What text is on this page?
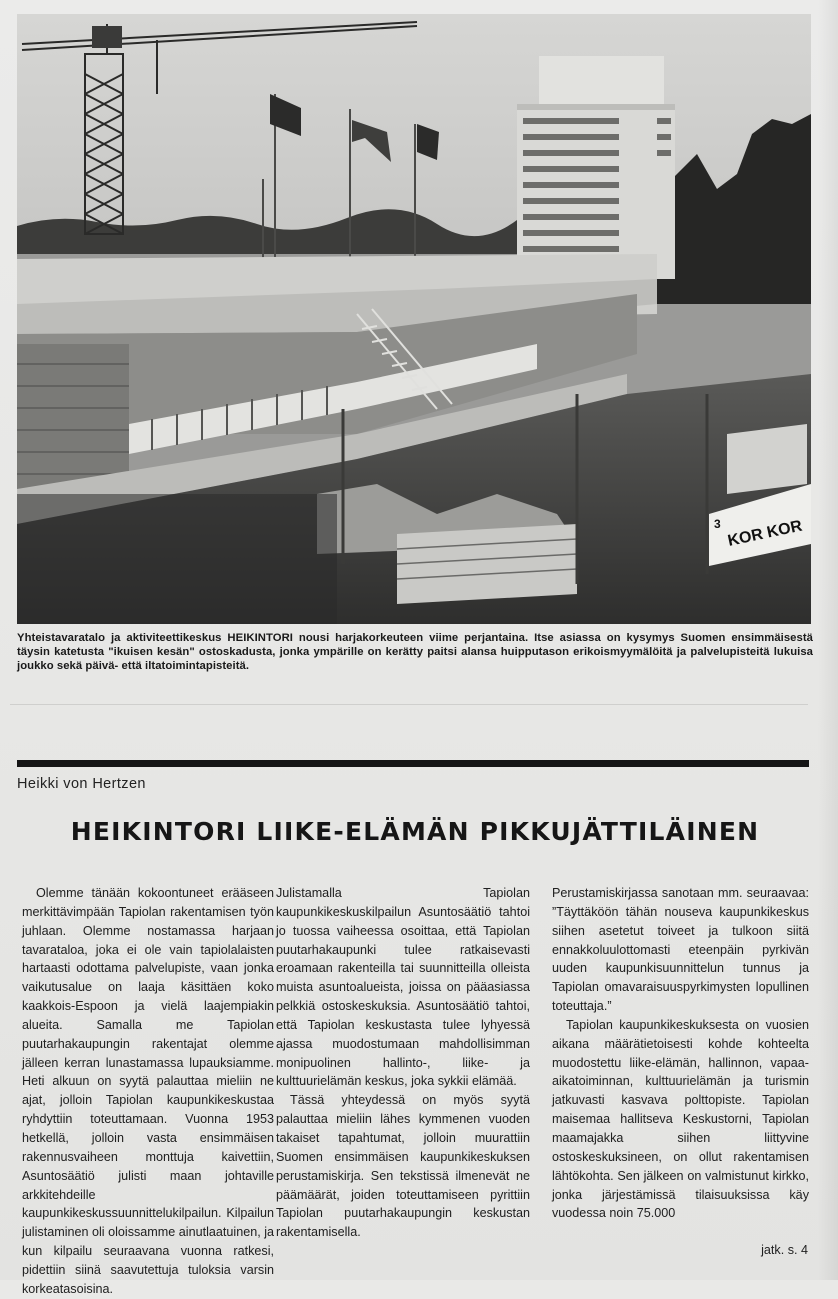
3 KOR KOR
Yhteistavaratalo ja aktiviteettikeskus HEIKINTORI nousi harjakorkeuteen viime perjantaina. Itse asiassa on kysymys Suomen ensimmäisestä täysin katetusta "ikuisen kesän" ostoskadusta, jonka ympärille on kerätty paitsi alansa huipputason erikoismyymälöitä ja palvelupisteitä lukuisa joukko sekä päivä- että iltatoimintapisteitä.
Heikki von Hertzen
HEIKINTORI LIIKE-ELÄMÄN PIKKUJÄTTILÄINEN

Olemme tänään kokoontuneet erääseen merkittävimpään Tapiolan rakentamisen työn juhlaan. Olemme nostamassa harjaan tavarataloa, joka ei ole vain tapiolalaisten hartaasti odottama palvelupiste, vaan jonka vaikutusalue on laaja käsittäen koko kaakkois-Espoon ja vielä laajempiakin alueita. Samalla me Tapiolan puutarhakaupungin rakentajat olemme jälleen kerran lunastamassa lupauksiamme. Heti alkuun on syytä palauttaa mieliin ne ajat, jolloin Tapiolan kaupunkikeskustaa ryhdyttiin toteuttamaan. Vuonna 1953 hetkellä, jolloin vasta ensimmäisen rakennusvaiheen monttuja kaivettiin, Asuntosäätiö julisti maan johtaville arkkitehdeille kaupunkikeskussuunnittelukilpailun. Kilpailun julistaminen oli oloissamme ainutlaatuinen, ja kun kilpailu seuraavana vuonna ratkesi, pidettiin siinä saavutettuja tuloksia varsin korkeatasoisina.

Julistamalla Tapiolan kaupunkikeskuskilpailun Asuntosäätiö tahtoi jo tuossa vaiheessa osoittaa, että Tapiolan puutarhakaupunki tulee ratkaisevasti eroamaan rakenteilla tai suunnitteilla olleista muista asuntoalueista, joissa on pääasiassa pelkkiä ostoskeskuksia. Asuntosäätiö tahtoi, että Tapiolan keskustasta tulee lyhyessä ajassa muodostumaan mahdollisimman monipuolinen hallinto-, liike- ja kulttuurielämän keskus, joka sykkii elämää.

Tässä yhteydessä on myös syytä palauttaa mieliin lähes kymmenen vuoden takaiset tapahtumat, jolloin muurattiin Suomen ensimmäisen kaupunkikeskuksen perustamiskirja. Sen tekstissä ilmenevät ne päämäärät, joiden toteuttamiseen pyrittiin Tapiolan puutarhakaupungin keskustan rakentamisella.

Perustamiskirjassa sanotaan mm. seuraavaa: ”Täyttäköön tähän nouseva kaupunkikeskus siihen asetetut toiveet ja tulkoon siitä ennakkoluulottomasti eteenpäin pyrkivän uuden kaupunkisuunnittelun tunnus ja Tapiolan omavaraisuuspyrkimysten lopullinen toteuttaja.”

Tapiolan kaupunkikeskuksesta on vuosien aikana määrätietoisesti kohde kohteelta muodostettu liike-elämän, hallinnon, vapaa-aikatoiminnan, kulttuurielämän ja turismin jatkuvasti kasvava polttopiste. Tapiolan maisemaa hallitseva Keskustorni, Tapiolan maamajakka siihen liittyvine ostoskeskuksineen, on ollut rakentamisen lähtökohta. Sen jälkeen on valmistunut kirkko, jonka järjestämissä tilaisuuksissa käy vuodessa noin 75.000

jatk. s. 4
